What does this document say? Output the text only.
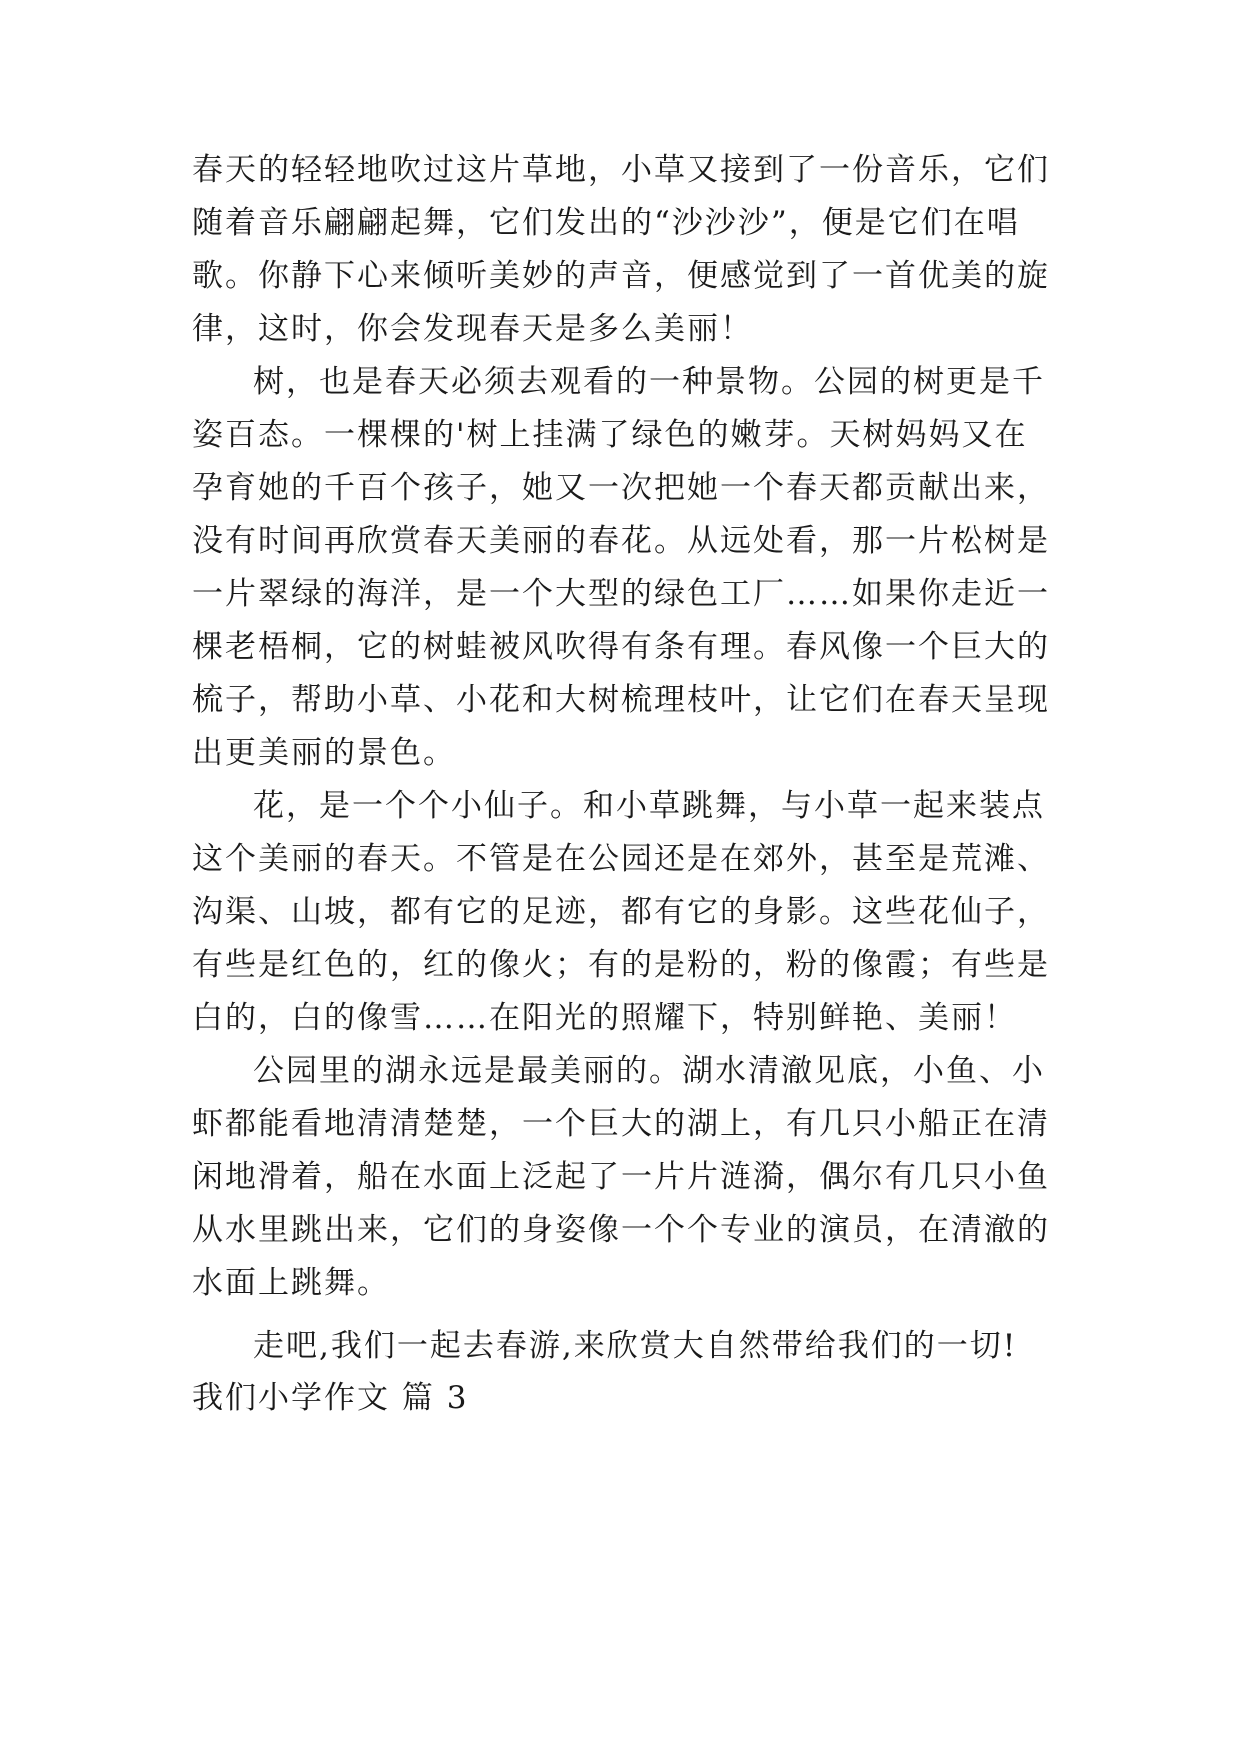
春天的轻轻地吹过这片草地，小草又接到了一份音乐，它们
随着音乐翩翩起舞，它们发出的“沙沙沙”，便是它们在唱
歌。你静下心来倾听美妙的声音，便感觉到了一首优美的旋
律，这时，你会发现春天是多么美丽！
树，也是春天必须去观看的一种景物。公园的树更是千
姿百态。一棵棵的'树上挂满了绿色的嫩芽。天树妈妈又在
孕育她的千百个孩子，她又一次把她一个春天都贡献出来，
没有时间再欣赏春天美丽的春花。从远处看，那一片松树是
一片翠绿的海洋，是一个大型的绿色工厂……如果你走近一
棵老梧桐，它的树蛙被风吹得有条有理。春风像一个巨大的
梳子，帮助小草、小花和大树梳理枝叶，让它们在春天呈现
出更美丽的景色。
花，是一个个小仙子。和小草跳舞，与小草一起来装点
这个美丽的春天。不管是在公园还是在郊外，甚至是荒滩、
沟渠、山坡，都有它的足迹，都有它的身影。这些花仙子，
有些是红色的，红的像火；有的是粉的，粉的像霞；有些是
白的，白的像雪……在阳光的照耀下，特别鲜艳、美丽！
公园里的湖永远是最美丽的。湖水清澈见底，小鱼、小
虾都能看地清清楚楚，一个巨大的湖上，有几只小船正在清
闲地滑着，船在水面上泛起了一片片涟漪，偶尔有几只小鱼
从水里跳出来，它们的身姿像一个个专业的演员，在清澈的
水面上跳舞。
走吧,我们一起去春游,来欣赏大自然带给我们的一切!
我们小学作文 篇 3
